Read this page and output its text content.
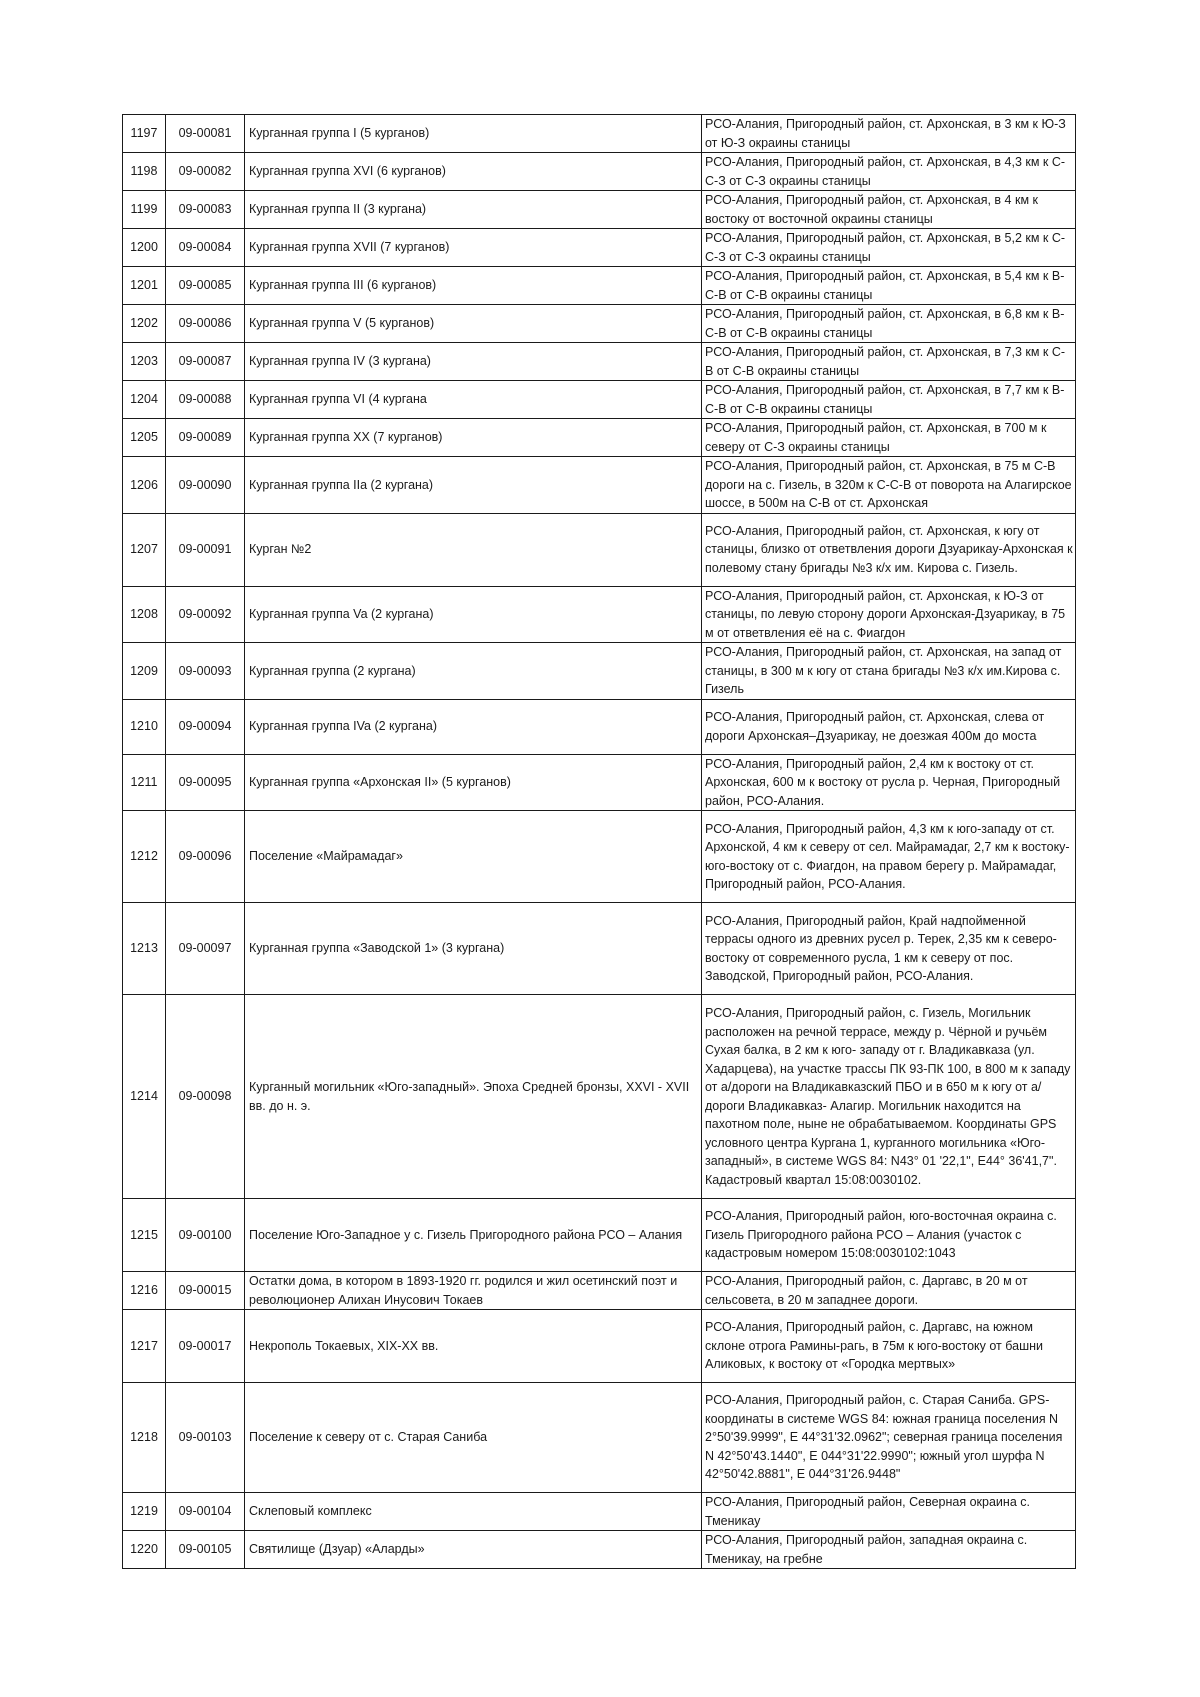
1197	09-00081	Курганная группа I (5 курганов)	РСО-Алания, Пригородный район, ст. Архонская, в 3 км к Ю-З от Ю-З окраины станицы
1198	09-00082	Курганная группа XVI (6 курганов)	РСО-Алания, Пригородный район, ст. Архонская, в 4,3 км к С-С-З от С-З окраины станицы
1199	09-00083	Курганная группа II (3 кургана)	РСО-Алания, Пригородный район, ст. Архонская, в 4 км к востоку от восточной окраины станицы
1200	09-00084	Курганная группа XVII (7 курганов)	РСО-Алания, Пригородный район, ст. Архонская, в 5,2 км к С-С-З от С-З окраины станицы
1201	09-00085	Курганная группа III (6 курганов)	РСО-Алания, Пригородный район, ст. Архонская, в 5,4 км к В-С-В от С-В окраины станицы
1202	09-00086	Курганная группа V (5 курганов)	РСО-Алания, Пригородный район, ст. Архонская, в 6,8 км к В-С-В от С-В окраины станицы
1203	09-00087	Курганная группа IV (3 кургана)	РСО-Алания, Пригородный район, ст. Архонская, в 7,3 км к С-В от С-В окраины станицы
1204	09-00088	Курганная группа VI (4 кургана	РСО-Алания, Пригородный район, ст. Архонская, в 7,7 км к В-С-В от С-В окраины станицы
1205	09-00089	Курганная группа XX (7 курганов)	РСО-Алания, Пригородный район, ст. Архонская, в 700 м к северу от С-З окраины станицы
1206	09-00090	Курганная группа IIa (2 кургана)	РСО-Алания, Пригородный район, ст. Архонская, в 75 м С-В дороги на с. Гизель, в 320м к С-С-В от поворота на Алагирское шоссе, в 500м на С-В от ст. Архонская
1207	09-00091	Курган №2	РСО-Алания, Пригородный район, ст. Архонская, к югу от станицы, близко от ответвления дороги Дзуарикау-Архонская к полевому стану бригады №3 к/х им. Кирова с. Гизель.
1208	09-00092	Курганная группа Va (2 кургана)	РСО-Алания, Пригородный район, ст. Архонская, к Ю-З от станицы, по левую сторону дороги Архонская-Дзуарикау, в 75 м от ответвления её на с. Фиагдон
1209	09-00093	Курганная группа (2 кургана)	РСО-Алания, Пригородный район, ст. Архонская, на запад от станицы, в 300 м к югу от стана бригады №3 к/х им.Кирова с. Гизель
1210	09-00094	Курганная группа IVa (2 кургана)	РСО-Алания, Пригородный район, ст. Архонская, слева от дороги Архонская–Дзуарикау, не доезжая 400м до моста
1211	09-00095	Курганная группа «Архонская II» (5 курганов)	РСО-Алания, Пригородный район, 2,4 км к востоку от ст. Архонская, 600 м к востоку от русла р. Черная, Пригородный район, РСО-Алания.
1212	09-00096	Поселение «Майрамадаг»	РСО-Алания, Пригородный район, 4,3 км к юго-западу от ст. Архонской, 4 км к северу от сел. Майрамадаг, 2,7 км к востоку-юго-востоку от с. Фиагдон, на правом берегу р. Майрамадаг, Пригородный район, РСО-Алания.
1213	09-00097	Курганная группа «Заводской 1» (3 кургана)	РСО-Алания, Пригородный район, Край надпойменной террасы одного из древних русел р. Терек, 2,35 км к северо-востоку от современного русла, 1 км к северу от пос. Заводской, Пригородный район, РСО-Алания.
1214	09-00098	Курганный могильник «Юго-западный». Эпоха Средней бронзы, XXVI - XVII вв. до н. э.	РСО-Алания, Пригородный район, с. Гизель, Могильник расположен на речной террасе, между р. Чёрной и ручьём Сухая балка, в 2 км к юго- западу от г. Владикавказа (ул. Хадарцева), на участке трассы ПК 93-ПК 100, в 800 м к западу от а/дороги на Владикавказский ПБО и в 650 м к югу от а/дороги Владикавказ- Алагир. Могильник находится на пахотном поле, ныне не обрабатываемом. Координаты GPS условного центра Кургана 1, курганного могильника «Юго-западный», в системе WGS 84: N43° 01 '22,1", E44° 36'41,7". Кадастровый квартал 15:08:0030102.
1215	09-00100	Поселение Юго-Западное у с. Гизель Пригородного района РСО – Алания	РСО-Алания, Пригородный район, юго-восточная окраина с. Гизель Пригородного района РСО – Алания (участок с кадастровым номером 15:08:0030102:1043
1216	09-00015	Остатки дома, в котором в 1893-1920 гг. родился и жил осетинский поэт и революционер Алихан Инусович Токаев	РСО-Алания, Пригородный район, с. Даргавс, в 20 м от сельсовета, в 20 м западнее дороги.
1217	09-00017	Некрополь Токаевых, XIX-XX вв.	РСО-Алания, Пригородный район, с. Даргавс, на южном склоне отрога Рамины-рагь, в 75м к юго-востоку от башни Аликовых, к востоку от «Городка мертвых»
1218	09-00103	Поселение к северу от с. Старая Саниба	РСО-Алания, Пригородный район, с. Старая Саниба. GPS-координаты в системе WGS 84: южная граница поселения N 2°50'39.9999", E 44°31'32.0962"; северная граница поселения N 42°50'43.1440", E 044°31'22.9990"; южный угол шурфа N 42°50'42.8881", E 044°31'26.9448"
1219	09-00104	Склеповый комплекс	РСО-Алания, Пригородный район, Северная окраина с. Тменикау
1220	09-00105	Святилище (Дзуар) «Аларды»	РСО-Алания, Пригородный район, западная окраина с. Тменикау, на гребне
